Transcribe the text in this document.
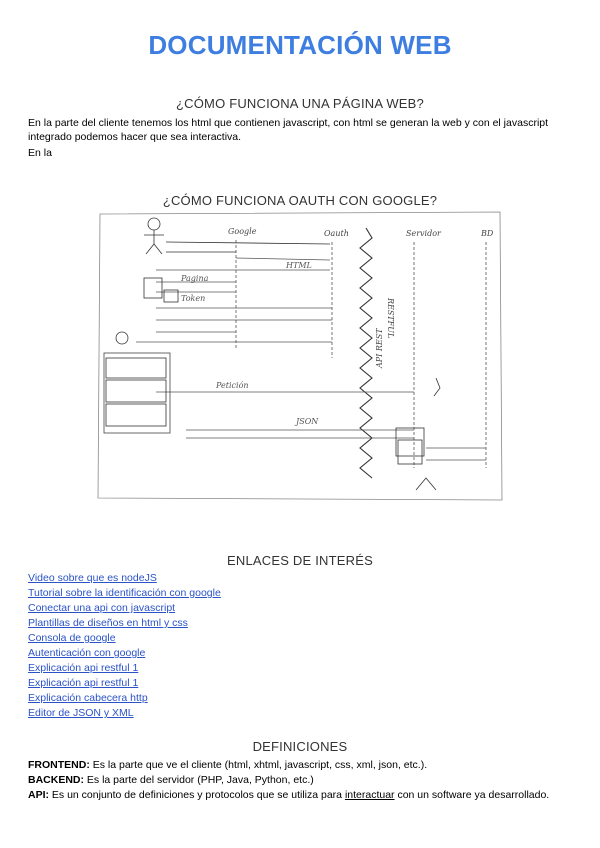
DOCUMENTACIÓN WEB
¿CÓMO FUNCIONA UNA PÁGINA WEB?
En la parte del cliente tenemos los html que contienen javascript, con html se generan la web y con el javascript integrado podemos hacer que sea interactiva.
En la
¿CÓMO FUNCIONA OAUTH CON GOOGLE?
Google	Oauth	Servidor	BD
RESTFUL
API REST
HTML
Pagina
Token
Petición
JSON
ENLACES DE INTERÉS
Video sobre que es nodeJS
Tutorial sobre la identificación con google
Conectar una api con javascript
Plantillas de diseños en html y css
Consola de google
Autenticación con google
Explicación api restful 1
Explicación api restful 1
Explicación cabecera http
Editor de JSON y XML
DEFINICIONES
FRONTEND: Es la parte que ve el cliente (html, xhtml, javascript, css, xml, json, etc.).
BACKEND: Es la parte del servidor (PHP, Java, Python, etc.)
API: Es un conjunto de definiciones y protocolos que se utiliza para interactuar con un software ya desarrollado.
